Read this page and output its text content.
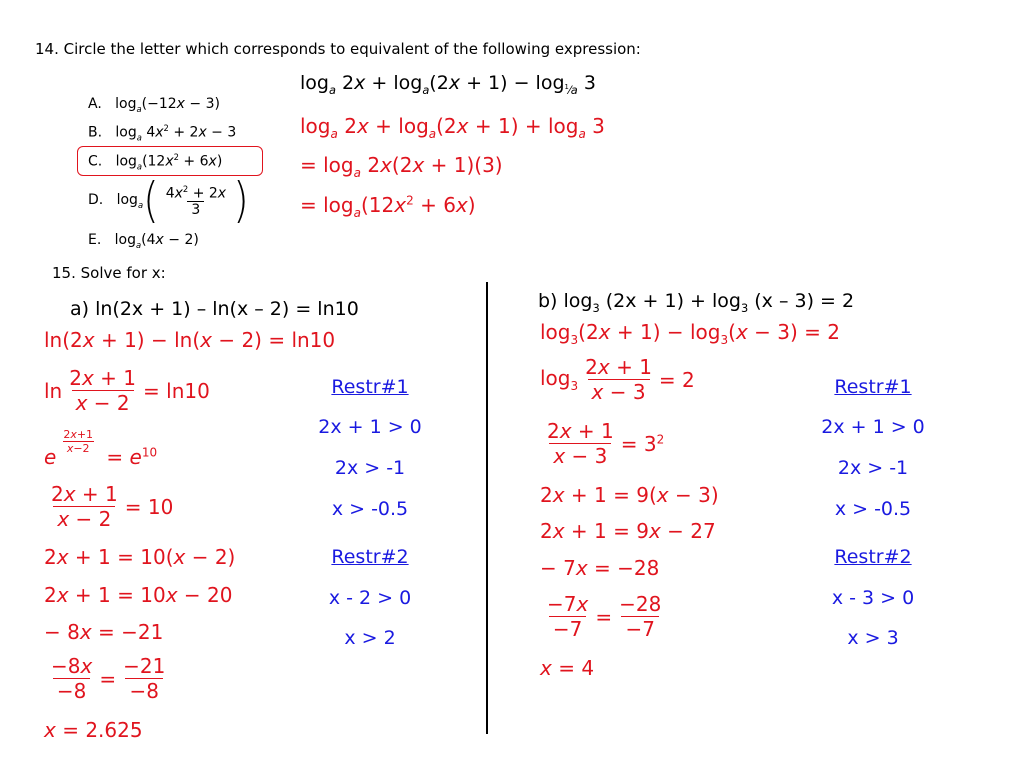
14. Circle the letter which corresponds to equivalent of the following expression:
$\log_a 2x + \log_a(2x + 1) - \log_{^1⁄a} 3$
$\log_a 2x + \log_a(2x + 1) + \log_a 3$
= $\log_a 2x(2x + 1)(3)$
= $\log_a(12x^2 + 6x)$
A.   $\log_a(-12x - 3)$
B.   $\log_a 4x^2 + 2x - 3$
C.   $\log_a(12x^2 + 6x)$
D.   $\log_a$ ( $\frac{4x^2 + 2x}{3}$ )
E.   $\log_a(4x - 2)$
15. Solve for x:
a) ln(2x + 1) – ln(x – 2) = ln10
ln(2x + 1) − ln(x − 2) = ln10
$\ln \frac{2x + 1}{x - 2} = \ln 10$
e
$\frac{2x+1}{x-2}$
= $e^{10}$
$\frac{2x + 1}{x - 2} = 10$
2x + 1 = 10(x − 2)
2x + 1 = 10x − 20
− 8x = −21
$\frac{-8x}{-8} = \frac{-21}{-8}$
x = 2.625
Restr#1
2x + 1 > 0
2x > -1
x > -0.5
Restr#2
x - 2 > 0
x > 2
b) $\log_3 (2x + 1) + \log_3 (x - 3) = 2$
$\log_3(2x + 1) - \log_3(x - 3) = 2$
$\log_3 \frac{2x + 1}{x - 3} = 2$
$\frac{2x + 1}{x - 3} = 3^2$
2x + 1 = 9(x − 3)
2x + 1 = 9x − 27
− 7x = −28
$\frac{-7x}{-7} = \frac{-28}{-7}$
x = 4
Restr#1
2x + 1 > 0
2x > -1
x > -0.5
Restr#2
x - 3 > 0
x > 3
